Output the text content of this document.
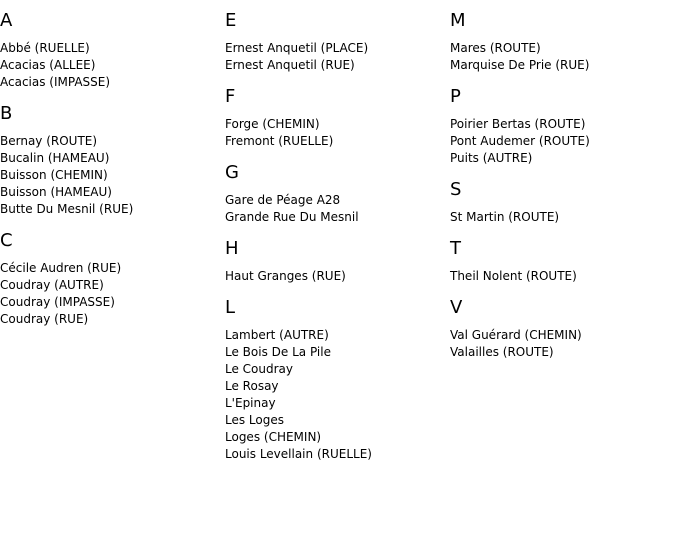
A
Abbé (RUELLE)
Acacias (ALLEE)
Acacias (IMPASSE)
B
Bernay (ROUTE)
Bucalin (HAMEAU)
Buisson (CHEMIN)
Buisson (HAMEAU)
Butte Du Mesnil (RUE)
C
Cécile Audren (RUE)
Coudray (AUTRE)
Coudray (IMPASSE)
Coudray (RUE)
E
Ernest Anquetil (PLACE)
Ernest Anquetil (RUE)
F
Forge (CHEMIN)
Fremont (RUELLE)
G
Gare de Péage A28
Grande Rue Du Mesnil
H
Haut Granges (RUE)
L
Lambert (AUTRE)
Le Bois De La Pile
Le Coudray
Le Rosay
L'Epinay
Les Loges
Loges (CHEMIN)
Louis Levellain (RUELLE)
M
Mares (ROUTE)
Marquise De Prie (RUE)
P
Poirier Bertas (ROUTE)
Pont Audemer (ROUTE)
Puits (AUTRE)
S
St Martin (ROUTE)
T
Theil Nolent (ROUTE)
V
Val Guérard (CHEMIN)
Valailles (ROUTE)
